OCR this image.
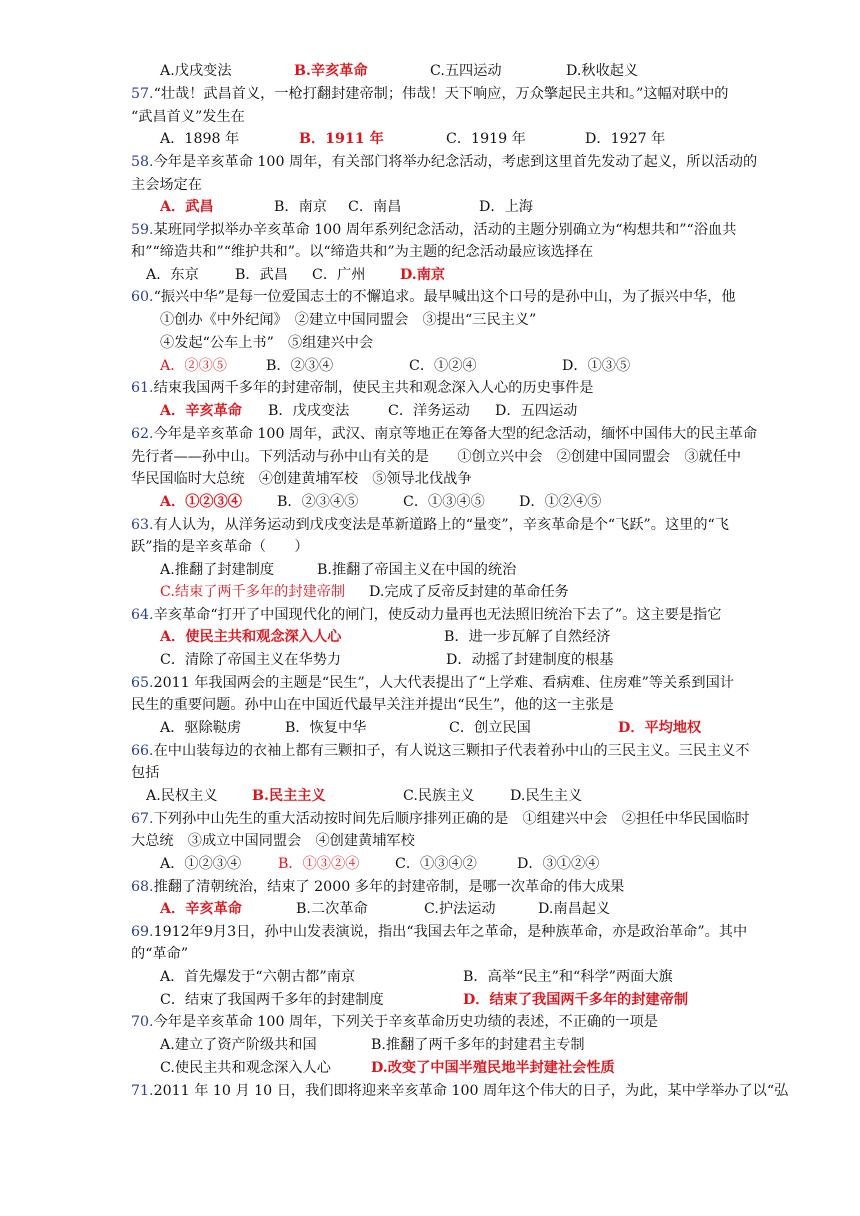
A.戊戌变法	B.辛亥革命	C.五四运动	D.秋收起义
57.“壮哉！武昌首义，一枪打翻封建帝制；伟哉！天下响应，万众擎起民主共和。”这幅对联中的
“武昌首义”发生在
A．1898 年	B．1911 年	C．1919 年	D．1927 年
58.今年是辛亥革命 100 周年，有关部门将举办纪念活动，考虑到这里首先发动了起义，所以活动的
主会场定在
A．武昌	B．南京 C．南昌	D．上海
59.某班同学拟举办辛亥革命 100 周年系列纪念活动，活动的主题分别确立为“构想共和”“浴血共
和”“缔造共和”“维护共和”。以“缔造共和”为主题的纪念活动最应该选择在
A．东京	B．武昌 C．广州 D.南京
60.“振兴中华”是每一位爱国志士的不懈追求。最早喊出这个口号的是孙中山，为了振兴中华，他
①创办《中外纪闻》　②建立中国同盟会　③提出“三民主义”
④发起“公车上书”　⑤组建兴中会
A．②③⑤	B．②③④	C．①②④	D．①③⑤
61.结束我国两千多年的封建帝制，使民主共和观念深入人心的历史事件是
A．辛亥革命 B．戊戌变法	C．洋务运动 D．五四运动
62.今年是辛亥革命 100 周年，武汉、南京等地正在筹备大型的纪念活动，缅怀中国伟大的民主革命
先行者——孙中山。下列活动与孙中山有关的是　　①创立兴中会　②创建中国同盟会　③就任中
华民国临时大总统　④创建黄埔军校　⑤领导北伐战争
A．①②③④ B．②③④⑤	C．①③④⑤ D．①②④⑤
63.有人认为，从洋务运动到戊戌变法是革新道路上的“量变”，辛亥革命是个“飞跃”。这里的“飞
跃”指的是辛亥革命（　　）
A.推翻了封建制度	B.推翻了帝国主义在中国的统治
C.结束了两千多年的封建帝制 D.完成了反帝反封建的革命任务
64.辛亥革命“打开了中国现代化的闸门，使反动力量再也无法照旧统治下去了”。这主要是指它
A．使民主共和观念深入人心	B．进一步瓦解了自然经济
C．清除了帝国主义在华势力	D．动摇了封建制度的根基
65.2011 年我国两会的主题是“民生”，人大代表提出了“上学难、看病难、住房难”等关系到国计
民生的重要问题。孙中山在中国近代最早关注并提出“民生”，他的这一主张是
A．驱除鞑虏	B．恢复中华	C．创立民国	D．平均地权
66.在中山装每边的衣袖上都有三颗扣子，有人说这三颗扣子代表着孙中山的三民主义。三民主义不
包括
A.民权主义 B.民主主义	C.民族主义 D.民生主义
67.下列孙中山先生的重大活动按时间先后顺序排列正确的是　①组建兴中会　②担任中华民国临时
大总统　③成立中国同盟会　④创建黄埔军校
A．①②③④	B．①③②④	C．①③④②	D．③①②④
68.推翻了清朝统治，结束了 2000 多年的封建帝制，是哪一次革命的伟大成果
A．辛亥革命	B.二次革命	C.护法运动	D.南昌起义
69.1912年9月3日，孙中山发表演说，指出“我国去年之革命，是种族革命，亦是政治革命”。其中
的“革命”
A．首先爆发于“六朝古都”南京	B．高举“民主”和“科学”两面大旗
C．结束了我国两千多年的封建制度	D．结束了我国两千多年的封建帝制
70.今年是辛亥革命 100 周年，下列关于辛亥革命历史功绩的表述，不正确的一项是
A.建立了资产阶级共和国	B.推翻了两千多年的封建君主专制
C.使民主共和观念深入人心	D.改变了中国半殖民地半封建社会性质
71.2011 年 10 月 10 日，我们即将迎来辛亥革命 100 周年这个伟大的日子，为此，某中学举办了以“弘
